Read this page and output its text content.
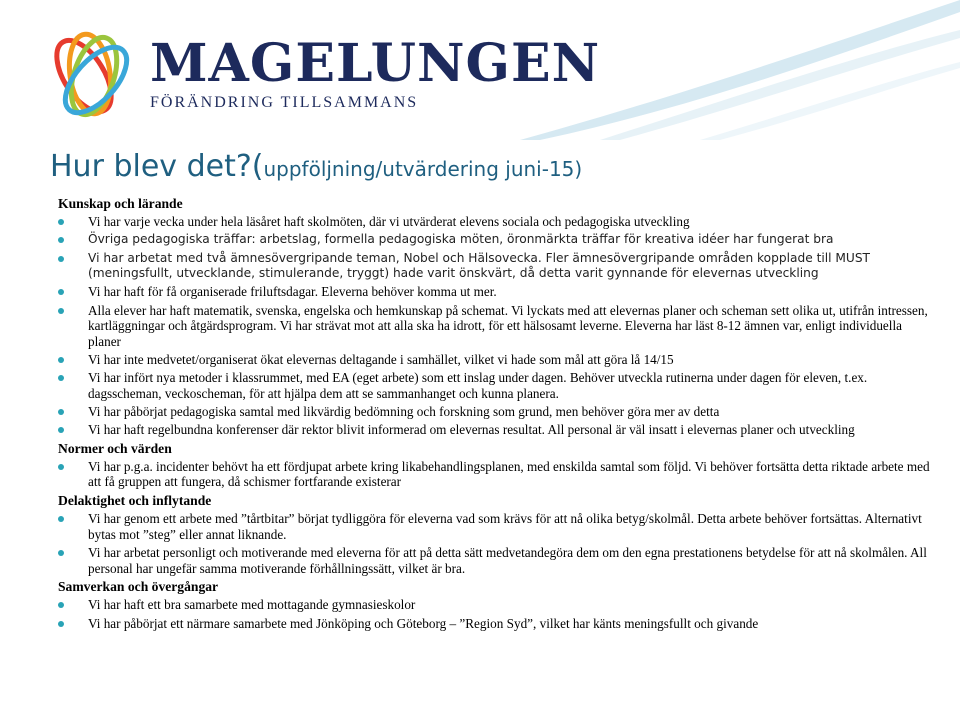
MAGELUNGEN
FÖRÄNDRING TILLSAMMANS
Hur blev det?(uppföljning/utvärdering juni-15)
Kunskap och lärande
Vi har varje vecka under hela läsåret haft skolmöten, där vi utvärderat elevens sociala och pedagogiska utveckling
Övriga pedagogiska träffar: arbetslag, formella pedagogiska möten, öronmärkta träffar för kreativa idéer har fungerat bra
Vi har arbetat med två ämnesövergripande teman, Nobel och Hälsovecka. Fler ämnesövergripande områden kopplade till MUST (meningsfullt, utvecklande, stimulerande, tryggt) hade varit önskvärt, då detta varit gynnande för elevernas utveckling
Vi har haft för få organiserade friluftsdagar. Eleverna behöver komma ut mer.
Alla elever har haft matematik, svenska, engelska och hemkunskap på schemat. Vi lyckats med att elevernas planer och scheman sett olika ut, utifrån intressen, kartläggningar och åtgärdsprogram. Vi har strävat mot att alla ska ha idrott, för ett hälsosamt leverne. Eleverna har läst 8-12 ämnen var, enligt individuella planer
Vi har inte medvetet/organiserat ökat elevernas deltagande i samhället, vilket vi hade som mål att göra lå 14/15
Vi har infört nya metoder i klassrummet, med EA (eget arbete) som ett inslag under dagen. Behöver utveckla rutinerna under dagen för eleven, t.ex. dagsscheman, veckoscheman, för att hjälpa dem att se sammanhanget och kunna planera.
Vi har påbörjat pedagogiska samtal med likvärdig bedömning och forskning som grund, men behöver göra mer av detta
Vi har haft regelbundna konferenser där rektor blivit informerad om elevernas resultat. All personal är väl insatt i elevernas planer och utveckling
Normer och värden
Vi har p.g.a. incidenter behövt ha ett fördjupat arbete kring likabehandlingsplanen, med enskilda samtal som följd. Vi behöver fortsätta detta riktade arbete med att få gruppen att fungera, då schismer fortfarande existerar
Delaktighet och inflytande
Vi har genom ett arbete med ”tårtbitar” börjat tydliggöra för eleverna vad som krävs för att nå olika betyg/skolmål. Detta arbete behöver fortsättas. Alternativt bytas mot ”steg” eller annat liknande.
Vi har arbetat personligt och motiverande med eleverna för att på detta sätt medvetandegöra dem om den egna prestationens betydelse för att nå skolmålen. All personal har ungefär samma motiverande förhållningssätt, vilket är bra.
Samverkan och övergångar
Vi har haft ett bra samarbete med mottagande gymnasieskolor
Vi har påbörjat ett närmare samarbete med Jönköping och Göteborg – ”Region Syd”, vilket har känts meningsfullt och givande
